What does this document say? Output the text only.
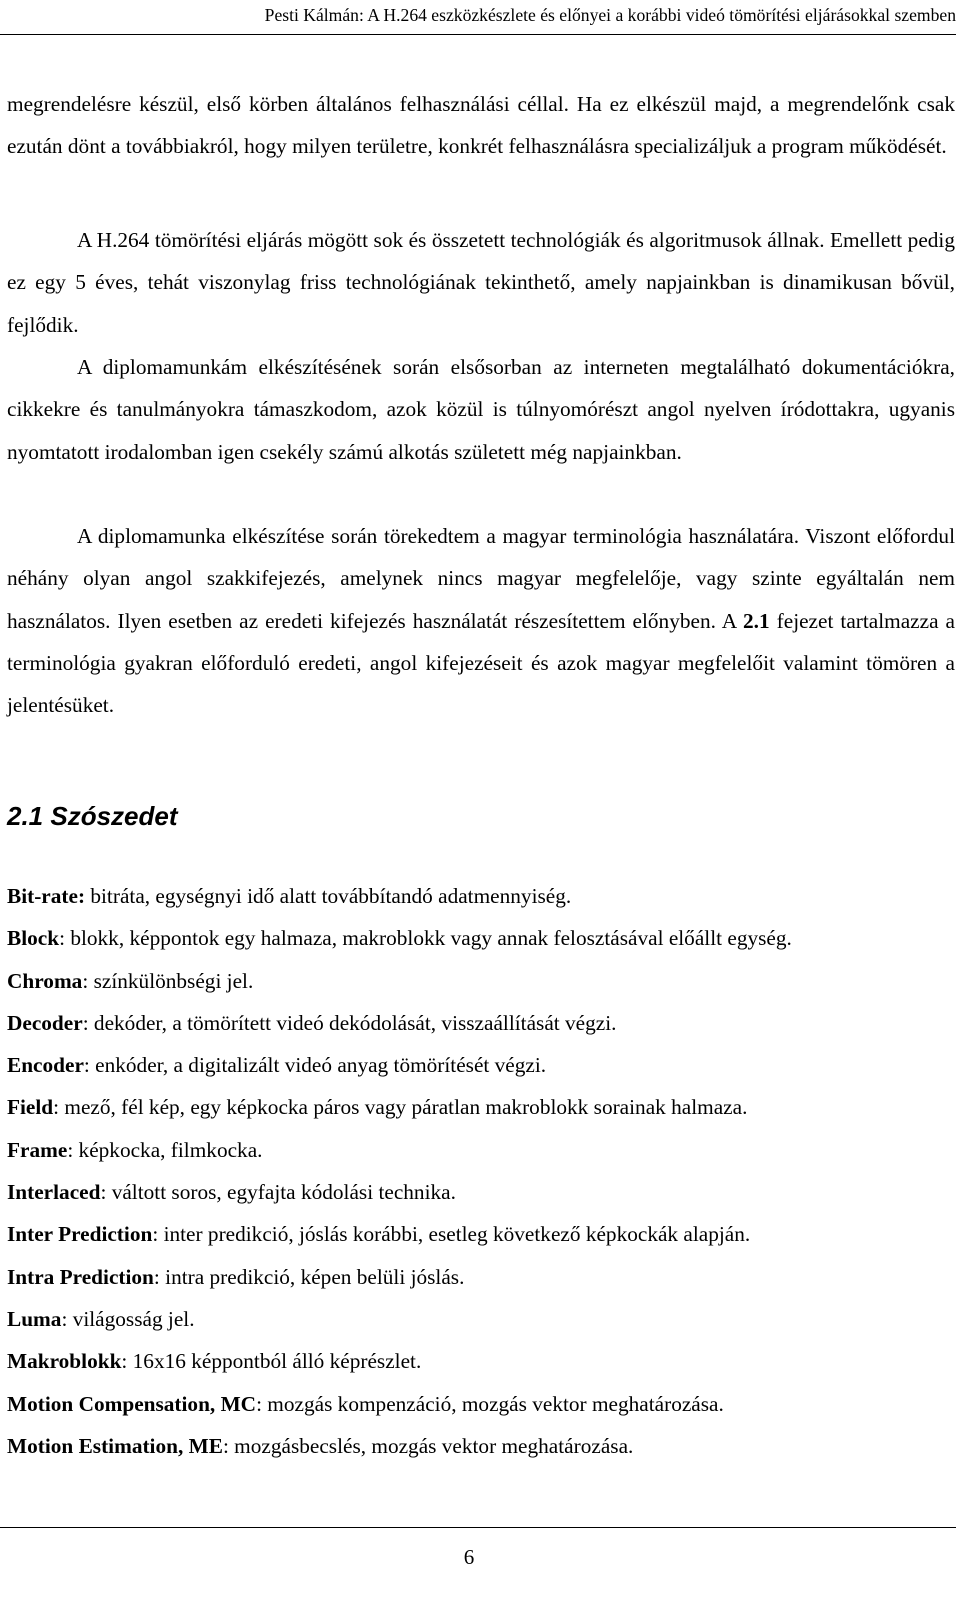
Pesti Kálmán: A H.264 eszközkészlete és előnyei a korábbi videó tömörítési eljárásokkal szemben

megrendelésre készül, első körben általános felhasználási céllal. Ha ez elkészül majd, a megrendelőnk csak ezután dönt a továbbiakról, hogy milyen területre, konkrét felhasználásra specializáljuk a program működését.

A H.264 tömörítési eljárás mögött sok és összetett technológiák és algoritmusok állnak. Emellett pedig ez egy 5 éves, tehát viszonylag friss technológiának tekinthető, amely napjainkban is dinamikusan bővül, fejlődik.

A diplomamunkám elkészítésének során elsősorban az interneten megtalálható dokumentációkra, cikkekre és tanulmányokra támaszkodom, azok közül is túlnyomórészt angol nyelven íródottakra, ugyanis nyomtatott irodalomban igen csekély számú alkotás született még napjainkban.

A diplomamunka elkészítése során törekedtem a magyar terminológia használatára. Viszont előfordul néhány olyan angol szakkifejezés, amelynek nincs magyar megfelelője, vagy szinte egyáltalán nem használatos. Ilyen esetben az eredeti kifejezés használatát részesítettem előnyben. A 2.1 fejezet tartalmazza a terminológia gyakran előforduló eredeti, angol kifejezéseit és azok magyar megfelelőit valamint tömören a jelentésüket.

2.1 Szószedet
Bit-rate: bitráta, egységnyi idő alatt továbbítandó adatmennyiség.
Block: blokk, képpontok egy halmaza, makroblokk vagy annak felosztásával előállt egység.
Chroma: színkülönbségi jel.
Decoder: dekóder, a tömörített videó dekódolását, visszaállítását végzi.
Encoder: enkóder, a digitalizált videó anyag tömörítését végzi.
Field: mező, fél kép, egy képkocka páros vagy páratlan makroblokk sorainak halmaza.
Frame: képkocka, filmkocka.
Interlaced: váltott soros, egyfajta kódolási technika.
Inter Prediction: inter predikció, jóslás korábbi, esetleg következő képkockák alapján.
Intra Prediction: intra predikció, képen belüli jóslás.
Luma: világosság jel.
Makroblokk: 16x16 képpontból álló képrészlet.
Motion Compensation, MC: mozgás kompenzáció, mozgás vektor meghatározása.
Motion Estimation, ME: mozgásbecslés, mozgás vektor meghatározása.
6
